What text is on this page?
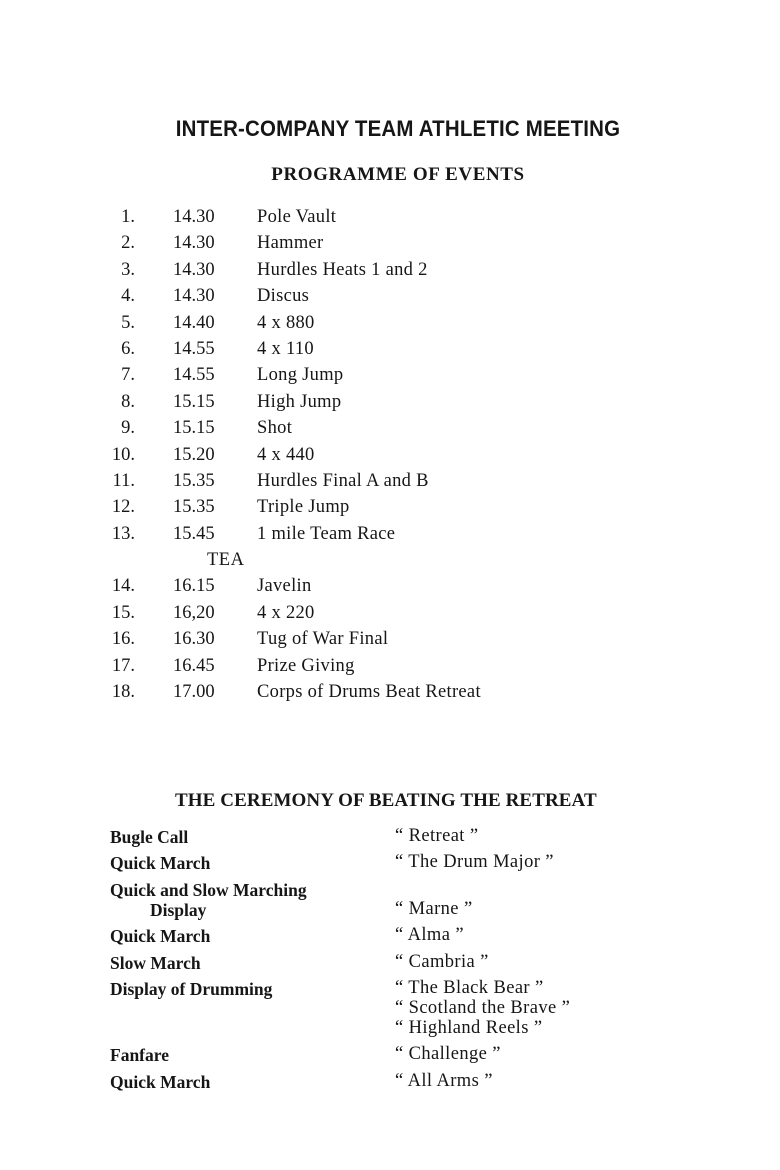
INTER-COMPANY TEAM ATHLETIC MEETING
PROGRAMME OF EVENTS
1. 14.30 Pole Vault
2. 14.30 Hammer
3. 14.30 Hurdles Heats 1 and 2
4. 14.30 Discus
5. 14.40 4 x 880
6. 14.55 4 x 110
7. 14.55 Long Jump
8. 15.15 High Jump
9. 15.15 Shot
10. 15.20 4 x 440
11. 15.35 Hurdles Final A and B
12. 15.35 Triple Jump
13. 15.45 1 mile Team Race
TEA
14. 16.15 Javelin
15. 16,20 4 x 220
16. 16.30 Tug of War Final
17. 16.45 Prize Giving
18. 17.00 Corps of Drums Beat Retreat
THE CEREMONY OF BEATING THE RETREAT
Bugle Call	“ Retreat ”
Quick March	“ The Drum Major ”
Quick and Slow Marching
Display	“ Marne ”
Quick March	“ Alma ”
Slow March	“ Cambria ”
Display of Drumming	“ The Black Bear ”
“ Scotland the Brave ”
“ Highland Reels ”
Fanfare	“ Challenge ”
Quick March	“ All Arms ”
